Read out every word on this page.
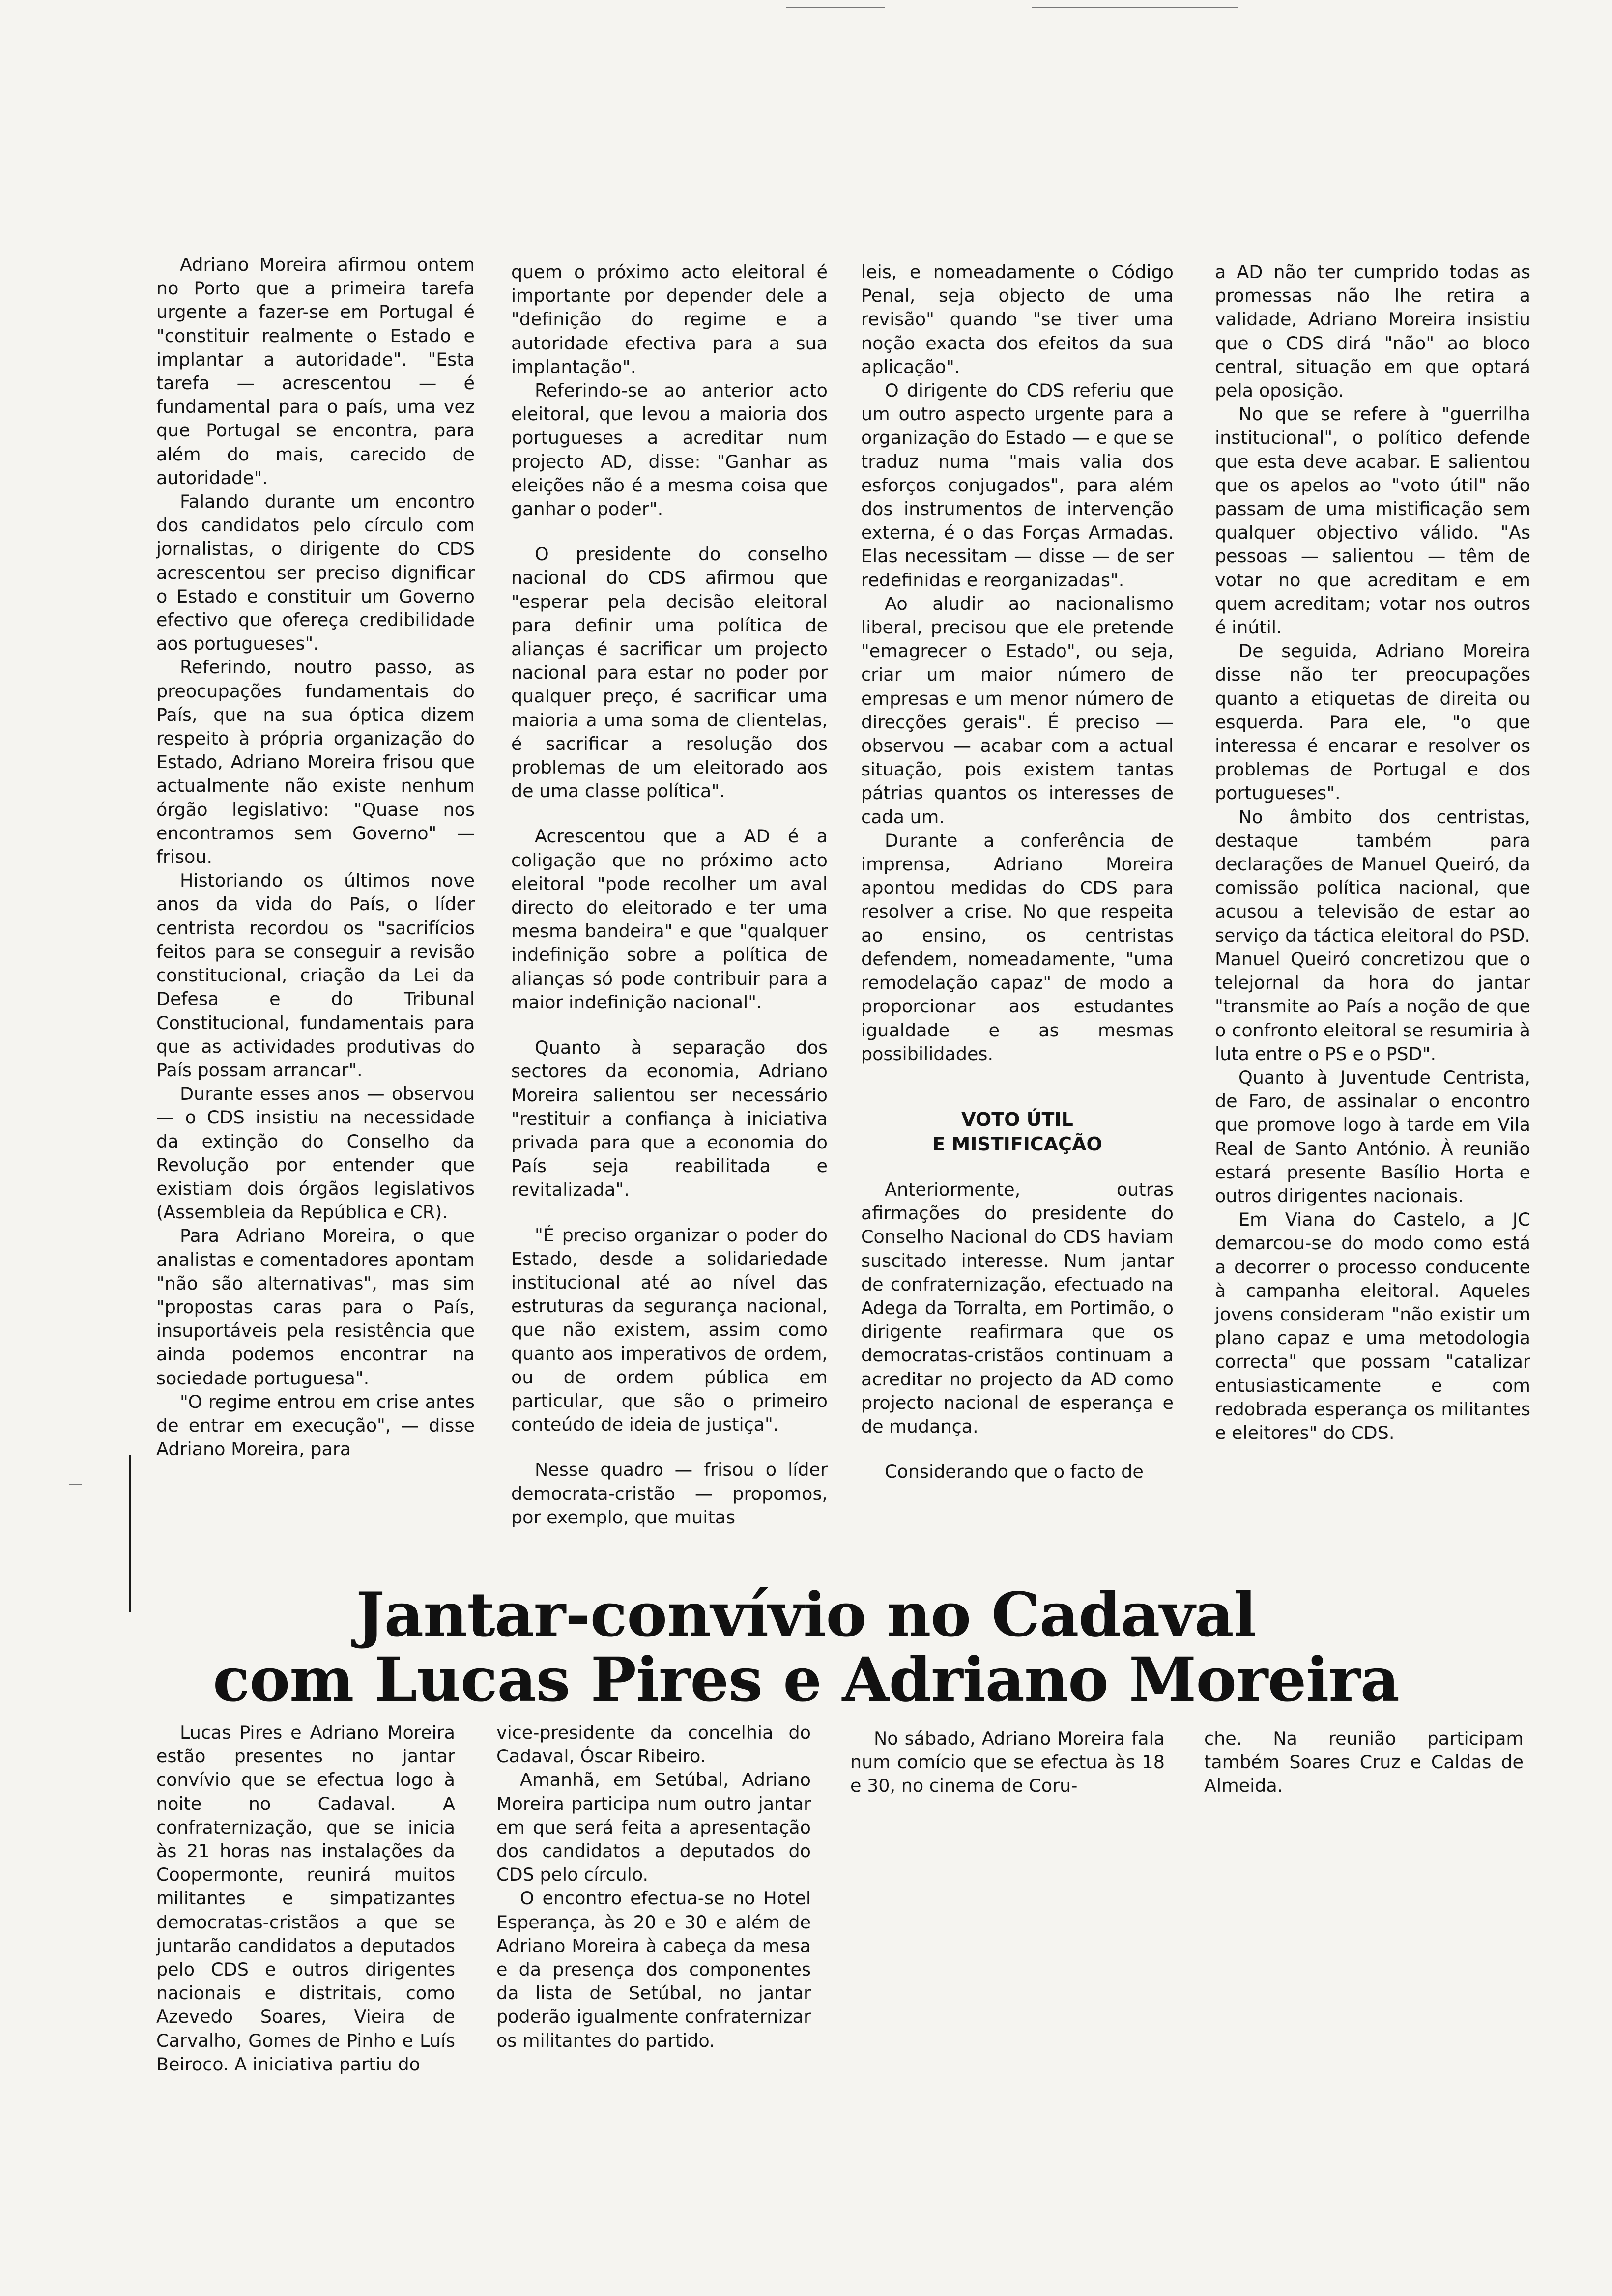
Adriano Moreira afirmou ontem no Porto que a primeira tarefa urgente a fazer-se em Portugal é "constituir realmente o Estado e implantar a autoridade". "Esta tarefa — acrescentou — é fundamental para o país, uma vez que Portugal se encontra, para além do mais, carecido de autoridade".

Falando durante um encontro dos candidatos pelo círculo com jornalistas, o dirigente do CDS acrescentou ser preciso dignificar o Estado e constituir um Governo efectivo que ofereça credibilidade aos portugueses".

Referindo, noutro passo, as preocupações fundamentais do País, que na sua óptica dizem respeito à própria organização do Estado, Adriano Moreira frisou que actualmente não existe nenhum órgão legislativo: "Quase nos encontramos sem Governo" — frisou.

Historiando os últimos nove anos da vida do País, o líder centrista recordou os "sacrifícios feitos para se conseguir a revisão constitucional, criação da Lei da Defesa e do Tribunal Constitucional, fundamentais para que as actividades produtivas do País possam arrancar".

Durante esses anos — observou — o CDS insistiu na necessidade da extinção do Conselho da Revolução por entender que existiam dois órgãos legislativos (Assembleia da República e CR).

Para Adriano Moreira, o que analistas e comentadores apontam "não são alternativas", mas sim "propostas caras para o País, insuportáveis pela resistência que ainda podemos encontrar na sociedade portuguesa".

"O regime entrou em crise antes de entrar em execução", — disse Adriano Moreira, para

quem o próximo acto eleitoral é importante por depender dele a "definição do regime e a autoridade efectiva para a sua implantação".

Referindo-se ao anterior acto eleitoral, que levou a maioria dos portugueses a acreditar num projecto AD, disse: "Ganhar as eleições não é a mesma coisa que ganhar o poder".

O presidente do conselho nacional do CDS afirmou que "esperar pela decisão eleitoral para definir uma política de alianças é sacrificar um projecto nacional para estar no poder por qualquer preço, é sacrificar uma maioria a uma soma de clientelas, é sacrificar a resolução dos problemas de um eleitorado aos de uma classe política".

Acrescentou que a AD é a coligação que no próximo acto eleitoral "pode recolher um aval directo do eleitorado e ter uma mesma bandeira" e que "qualquer indefinição sobre a política de alianças só pode contribuir para a maior indefinição nacional".

Quanto à separação dos sectores da economia, Adriano Moreira salientou ser necessário "restituir a confiança à iniciativa privada para que a economia do País seja reabilitada e revitalizada".

"É preciso organizar o poder do Estado, desde a solidariedade institucional até ao nível das estruturas da segurança nacional, que não existem, assim como quanto aos imperativos de ordem, ou de ordem pública em particular, que são o primeiro conteúdo de ideia de justiça".

Nesse quadro — frisou o líder democrata-cristão — propomos, por exemplo, que muitas

leis, e nomeadamente o Código Penal, seja objecto de uma revisão" quando "se tiver uma noção exacta dos efeitos da sua aplicação".

O dirigente do CDS referiu que um outro aspecto urgente para a organização do Estado — e que se traduz numa "mais valia dos esforços conjugados", para além dos instrumentos de intervenção externa, é o das Forças Armadas. Elas necessitam — disse — de ser redefinidas e reorganizadas".

Ao aludir ao nacionalismo liberal, precisou que ele pretende "emagrecer o Estado", ou seja, criar um maior número de empresas e um menor número de direcções gerais". É preciso — observou — acabar com a actual situação, pois existem tantas pátrias quantos os interesses de cada um.

Durante a conferência de imprensa, Adriano Moreira apontou medidas do CDS para resolver a crise. No que respeita ao ensino, os centristas defendem, nomeadamente, "uma remodelação capaz" de modo a proporcionar aos estudantes igualdade e as mesmas possibilidades.

VOTO ÚTIL
E MISTIFICAÇÃO

Anteriormente, outras afirmações do presidente do Conselho Nacional do CDS haviam suscitado interesse. Num jantar de confraternização, efectuado na Adega da Torralta, em Portimão, o dirigente reafirmara que os democratas-cristãos continuam a acreditar no projecto da AD como projecto nacional de esperança e de mudança.

Considerando que o facto de

a AD não ter cumprido todas as promessas não lhe retira a validade, Adriano Moreira insistiu que o CDS dirá "não" ao bloco central, situação em que optará pela oposição.

No que se refere à "guerrilha institucional", o político defende que esta deve acabar. E salientou que os apelos ao "voto útil" não passam de uma mistificação sem qualquer objectivo válido. "As pessoas — salientou — têm de votar no que acreditam e em quem acreditam; votar nos outros é inútil.

De seguida, Adriano Moreira disse não ter preocupações quanto a etiquetas de direita ou esquerda. Para ele, "o que interessa é encarar e resolver os problemas de Portugal e dos portugueses".

No âmbito dos centristas, destaque também para declarações de Manuel Queiró, da comissão política nacional, que acusou a televisão de estar ao serviço da táctica eleitoral do PSD. Manuel Queiró concretizou que o telejornal da hora do jantar "transmite ao País a noção de que o confronto eleitoral se resumiria à luta entre o PS e o PSD".

Quanto à Juventude Centrista, de Faro, de assinalar o encontro que promove logo à tarde em Vila Real de Santo António. À reunião estará presente Basílio Horta e outros dirigentes nacionais.

Em Viana do Castelo, a JC demarcou-se do modo como está a decorrer o processo conducente à campanha eleitoral. Aqueles jovens consideram "não existir um plano capaz e uma metodologia correcta" que possam "catalizar entusiasticamente e com redobrada esperança os militantes e eleitores" do CDS.

Jantar-convívio no Cadaval
com Lucas Pires e Adriano Moreira

Lucas Pires e Adriano Moreira estão presentes no jantar convívio que se efectua logo à noite no Cadaval. A confraternização, que se inicia às 21 horas nas instalações da Coopermonte, reunirá muitos militantes e simpatizantes democratas-cristãos a que se juntarão candidatos a deputados pelo CDS e outros dirigentes nacionais e distritais, como Azevedo Soares, Vieira de Carvalho, Gomes de Pinho e Luís Beiroco. A iniciativa partiu do

vice-presidente da concelhia do Cadaval, Óscar Ribeiro.

Amanhã, em Setúbal, Adriano Moreira participa num outro jantar em que será feita a apresentação dos candidatos a deputados do CDS pelo círculo.

O encontro efectua-se no Hotel Esperança, às 20 e 30 e além de Adriano Moreira à cabeça da mesa e da presença dos componentes da lista de Setúbal, no jantar poderão igualmente confraternizar os militantes do partido.

No sábado, Adriano Moreira fala num comício que se efectua às 18 e 30, no cinema de Coru-

che. Na reunião participam também Soares Cruz e Caldas de Almeida.
